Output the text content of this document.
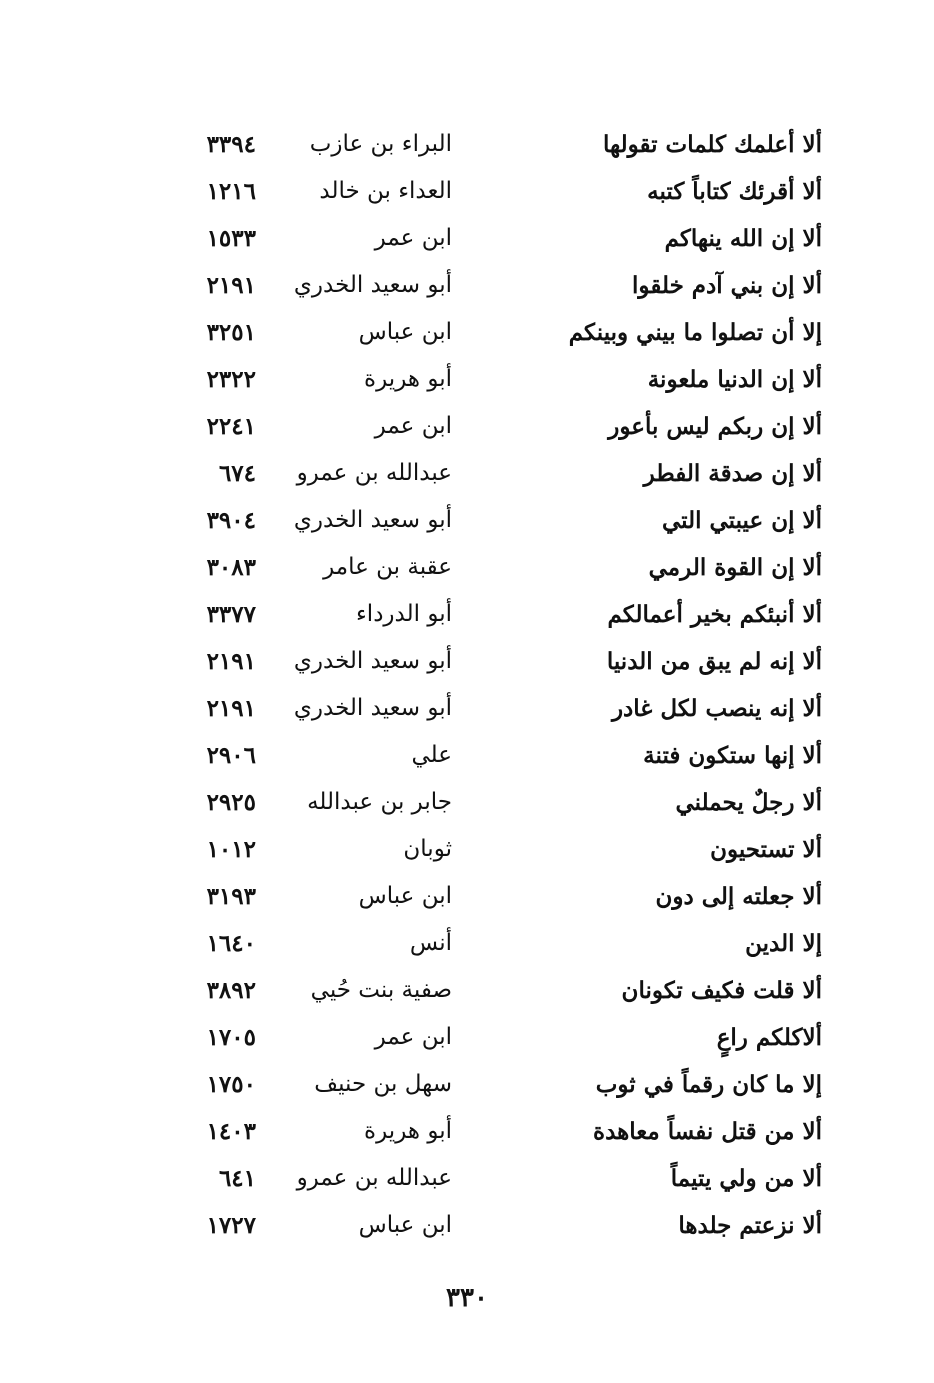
ألا أعلمك كلمات تقولها
البراء بن عازب
٣٣٩٤
ألا أقرئك كتاباً كتبه
العداء بن خالد
١٢١٦
ألا إن الله ينهاكم
ابن عمر
١٥٣٣
ألا إن بني آدم خلقوا
أبو سعيد الخدري
٢١٩١
إلا أن تصلوا ما بيني وبينكم
ابن عباس
٣٢٥١
ألا إن الدنيا ملعونة
أبو هريرة
٢٣٢٢
ألا إن ربكم ليس بأعور
ابن عمر
٢٢٤١
ألا إن صدقة الفطر
عبدالله بن عمرو
٦٧٤
ألا إن عيبتي التي
أبو سعيد الخدري
٣٩٠٤
ألا إن القوة الرمي
عقبة بن عامر
٣٠٨٣
ألا أنبئكم بخير أعمالكم
أبو الدرداء
٣٣٧٧
ألا إنه لم يبق من الدنيا
أبو سعيد الخدري
٢١٩١
ألا إنه ينصب لكل غادر
أبو سعيد الخدري
٢١٩١
ألا إنها ستكون فتنة
علي
٢٩٠٦
ألا رجلٌ يحملني
جابر بن عبدالله
٢٩٢٥
ألا تستحيون
ثوبان
١٠١٢
ألا جعلته إلى دون
ابن عباس
٣١٩٣
إلا الدين
أنس
١٦٤٠
ألا قلت فكيف تكونان
صفية بنت حُيي
٣٨٩٢
ألاكلكم راعٍ
ابن عمر
١٧٠٥
إلا ما كان رقماً في ثوب
سهل بن حنيف
١٧٥٠
ألا من قتل نفساً معاهدة
أبو هريرة
١٤٠٣
ألا من ولي يتيماً
عبدالله بن عمرو
٦٤١
ألا نزعتم جلدها
ابن عباس
١٧٢٧
٣٣٠
